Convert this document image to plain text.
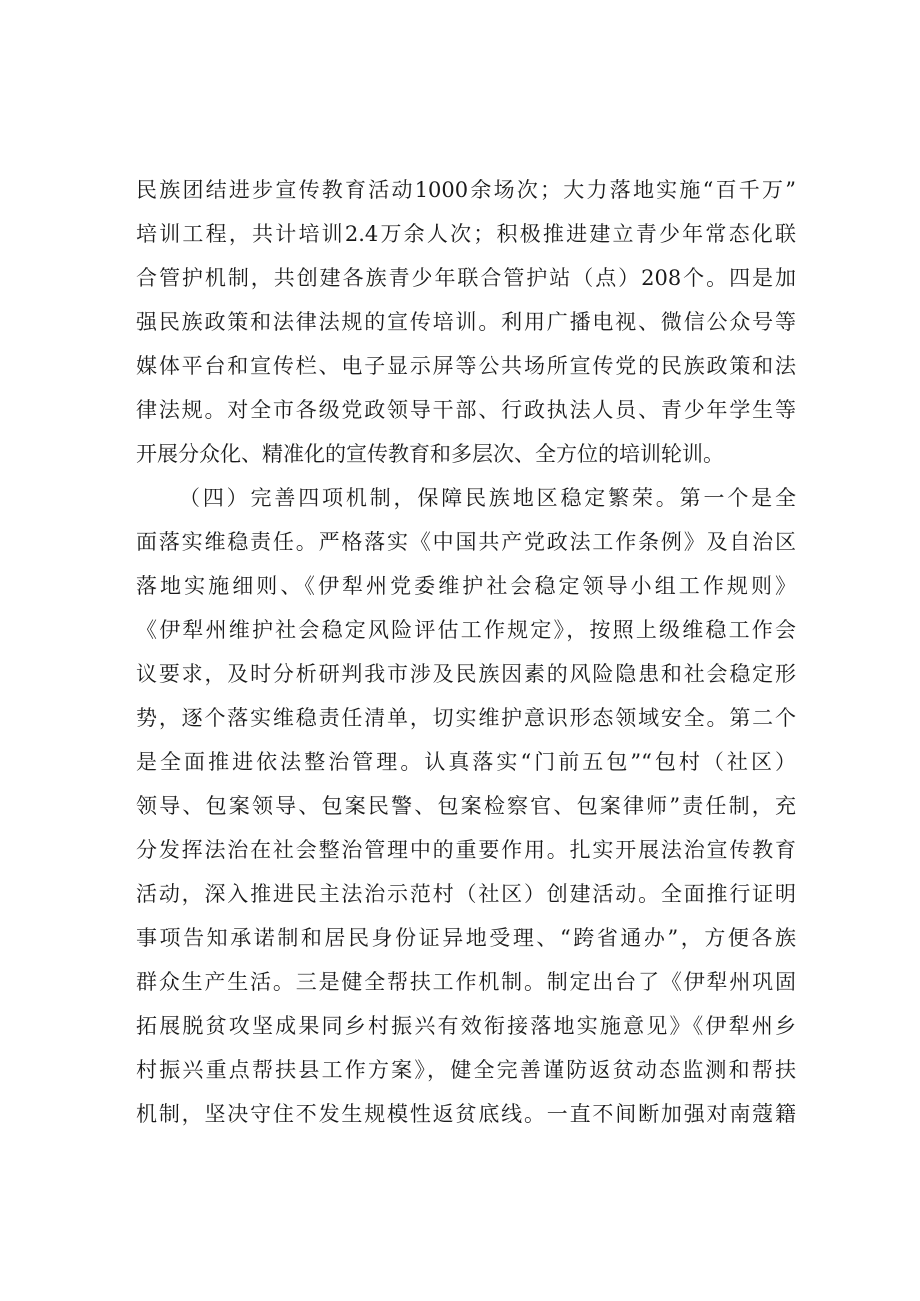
民族团结进步宣传教育活动1000余场次；大力落地实施“百千万”
培训工程，共计培训2.4万余人次；积极推进建立青少年常态化联
合管护机制，共创建各族青少年联合管护站（点）208个。四是加
强民族政策和法律法规的宣传培训。利用广播电视、微信公众号等
媒体平台和宣传栏、电子显示屏等公共场所宣传党的民族政策和法
律法规。对全市各级党政领导干部、行政执法人员、青少年学生等
开展分众化、精准化的宣传教育和多层次、全方位的培训轮训。
（四）完善四项机制，保障民族地区稳定繁荣。第一个是全
面落实维稳责任。严格落实《中国共产党政法工作条例》及自治区
落地实施细则、《伊犁州党委维护社会稳定领导小组工作规则》
《伊犁州维护社会稳定风险评估工作规定》，按照上级维稳工作会
议要求，及时分析研判我市涉及民族因素的风险隐患和社会稳定形
势，逐个落实维稳责任清单，切实维护意识形态领域安全。第二个
是全面推进依法整治管理。认真落实“门前五包”“包村（社区）
领导、包案领导、包案民警、包案检察官、包案律师”责任制，充
分发挥法治在社会整治管理中的重要作用。扎实开展法治宣传教育
活动，深入推进民主法治示范村（社区）创建活动。全面推行证明
事项告知承诺制和居民身份证异地受理、“跨省通办”，方便各族
群众生产生活。三是健全帮扶工作机制。制定出台了《伊犁州巩固
拓展脱贫攻坚成果同乡村振兴有效衔接落地实施意见》《伊犁州乡
村振兴重点帮扶县工作方案》，健全完善谨防返贫动态监测和帮扶
机制，坚决守住不发生规模性返贫底线。一直不间断加强对南蔻籍
